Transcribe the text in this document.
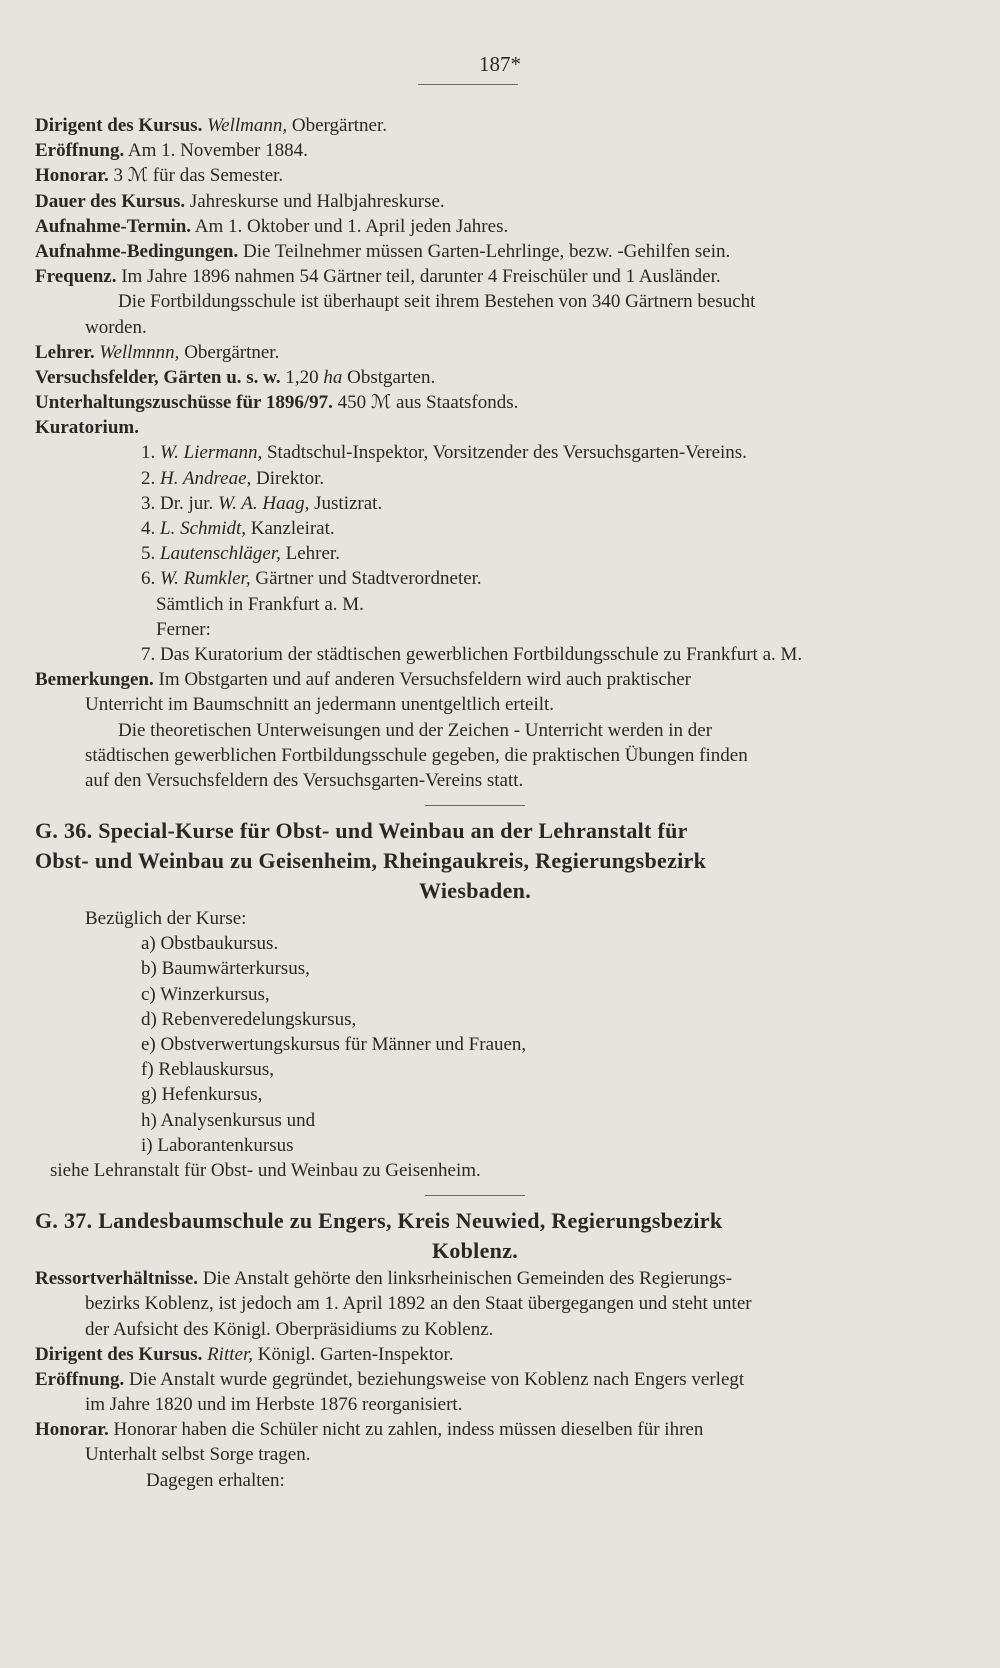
187*
Dirigent des Kursus. Wellmann, Obergärtner.
Eröffnung. Am 1. November 1884.
Honorar. 3 ℳ für das Semester.
Dauer des Kursus. Jahreskurse und Halbjahreskurse.
Aufnahme-Termin. Am 1. Oktober und 1. April jeden Jahres.
Aufnahme-Bedingungen. Die Teilnehmer müssen Garten-Lehrlinge, bezw. -Gehilfen sein.
Frequenz. Im Jahre 1896 nahmen 54 Gärtner teil, darunter 4 Freischüler und 1 Ausländer.
Die Fortbildungsschule ist überhaupt seit ihrem Bestehen von 340 Gärtnern besucht
worden.
Lehrer. Wellmnnn, Obergärtner.
Versuchsfelder, Gärten u. s. w. 1,20 ha Obstgarten.
Unterhaltungszuschüsse für 1896/97. 450 ℳ aus Staatsfonds.
Kuratorium.
1. W. Liermann, Stadtschul-Inspektor, Vorsitzender des Versuchsgarten-Vereins.
2. H. Andreae, Direktor.
3. Dr. jur. W. A. Haag, Justizrat.
4. L. Schmidt, Kanzleirat.
5. Lautenschläger, Lehrer.
6. W. Rumkler, Gärtner und Stadtverordneter.
Sämtlich in Frankfurt a. M.
Ferner:
7. Das Kuratorium der städtischen gewerblichen Fortbildungsschule zu Frankfurt a. M.
Bemerkungen. Im Obstgarten und auf anderen Versuchsfeldern wird auch praktischer
Unterricht im Baumschnitt an jedermann unentgeltlich erteilt.
Die theoretischen Unterweisungen und der Zeichen - Unterricht werden in der
städtischen gewerblichen Fortbildungsschule gegeben, die praktischen Übungen finden
auf den Versuchsfeldern des Versuchsgarten-Vereins statt.
G. 36. Special-Kurse für Obst- und Weinbau an der Lehranstalt für
Obst- und Weinbau zu Geisenheim, Rheingaukreis, Regierungsbezirk
Wiesbaden.
Bezüglich der Kurse:
a) Obstbaukursus.
b) Baumwärterkursus,
c) Winzerkursus,
d) Rebenveredelungskursus,
e) Obstverwertungskursus für Männer und Frauen,
f) Reblauskursus,
g) Hefenkursus,
h) Analysenkursus und
i) Laborantenkursus
siehe Lehranstalt für Obst- und Weinbau zu Geisenheim.
G. 37. Landesbaumschule zu Engers, Kreis Neuwied, Regierungsbezirk
Koblenz.
Ressortverhältnisse. Die Anstalt gehörte den linksrheinischen Gemeinden des Regierungs-
bezirks Koblenz, ist jedoch am 1. April 1892 an den Staat übergegangen und steht unter
der Aufsicht des Königl. Oberpräsidiums zu Koblenz.
Dirigent des Kursus. Ritter, Königl. Garten-Inspektor.
Eröffnung. Die Anstalt wurde gegründet, beziehungsweise von Koblenz nach Engers verlegt
im Jahre 1820 und im Herbste 1876 reorganisiert.
Honorar. Honorar haben die Schüler nicht zu zahlen, indess müssen dieselben für ihren
Unterhalt selbst Sorge tragen.
Dagegen erhalten:
